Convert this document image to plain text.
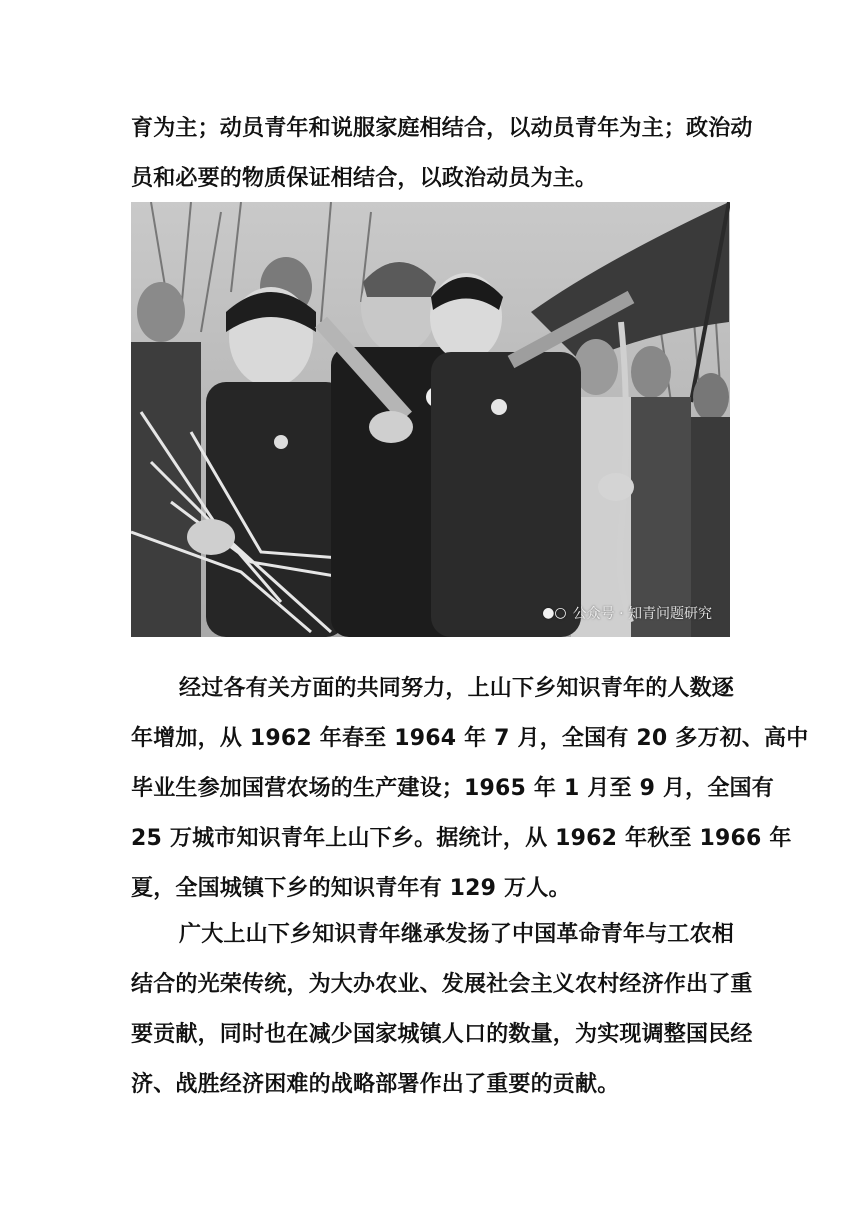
育为主；动员青年和说服家庭相结合，以动员青年为主；政治动
员和必要的物质保证相结合，以政治动员为主。

●○ 公众号 · 知青问题研究

经过各有关方面的共同努力，上山下乡知识青年的人数逐
年增加，从 1962 年春至 1964 年 7 月，全国有 20 多万初、高中
毕业生参加国营农场的生产建设；1965 年 1 月至 9 月，全国有
25 万城市知识青年上山下乡。据统计，从 1962 年秋至 1966 年
夏，全国城镇下乡的知识青年有 129 万人。

广大上山下乡知识青年继承发扬了中国革命青年与工农相
结合的光荣传统，为大办农业、发展社会主义农村经济作出了重
要贡献，同时也在减少国家城镇人口的数量，为实现调整国民经
济、战胜经济困难的战略部署作出了重要的贡献。
